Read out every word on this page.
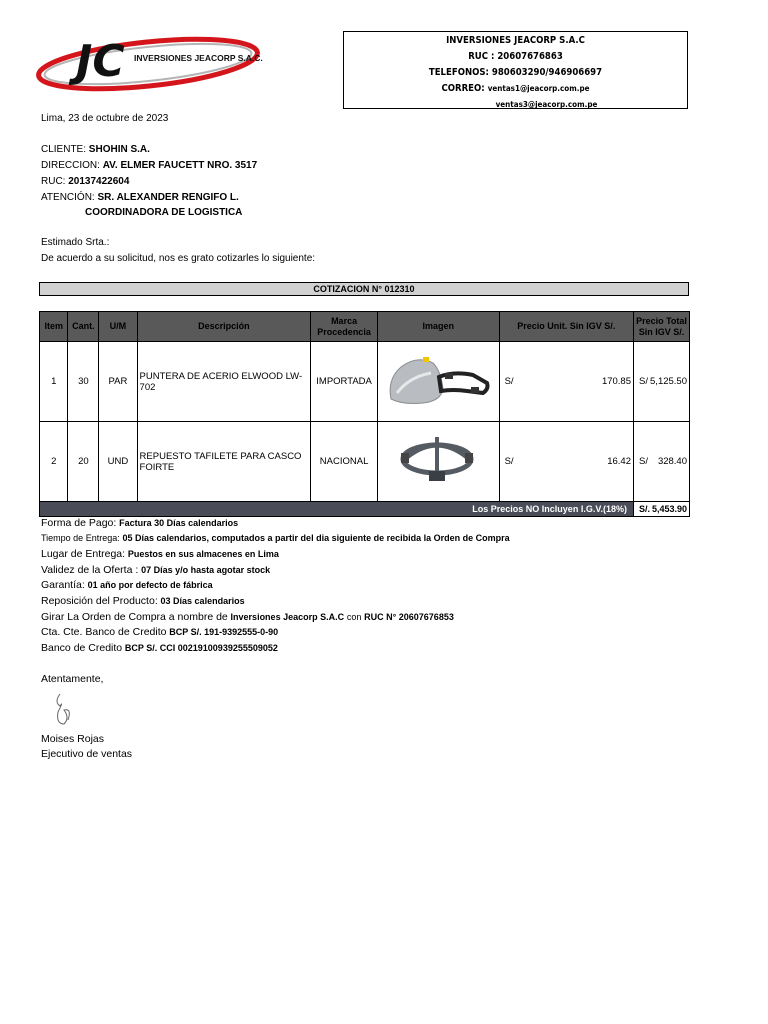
JC INVERSIONES JEACORP S.A.C.
INVERSIONES JEACORP S.A.C
RUC : 20607676863
TELEFONOS: 980603290/946906697
CORREO: ventas1@jeacorp.com.pe
ventas3@jeacorp.com.pe
Lima, 23 de octubre de 2023
CLIENTE: SHOHIN S.A.
DIRECCION: AV. ELMER FAUCETT NRO. 3517
RUC: 20137422604
ATENCIÓN: SR. ALEXANDER RENGIFO L.
COORDINADORA DE LOGISTICA
Estimado Srta.:
De acuerdo a su solicitud, nos es grato cotizarles lo siguiente:
COTIZACION N° 012310
Item	Cant.	U/M	Descripción	Marca Procedencia	Imagen	Precio Unit. Sin IGV S/.		Precio Total Sin IGV S/.	
1	30	PAR	PUNTERA DE ACERIO ELWOOD LW-702	IMPORTADA		S/	170.85	S/	5,125.50
2	20	UND	REPUESTO TAFILETE PARA CASCO FOIRTE	NACIONAL		S/	16.42	S/	328.40
Los Precios NO Incluyen I.G.V.(18%)								S/.	5,453.90
Forma de Pago: Factura 30 Días calendarios
Tiempo de Entrega: 05 Días calendarios, computados a partir del dia siguiente de recibida la Orden de Compra
Lugar de Entrega: Puestos en sus almacenes en Lima
Validez de la Oferta : 07 Días y/o hasta agotar stock
Garantía: 01 año por defecto de fábrica
Reposición del Producto: 03 Días calendarios
Girar La Orden de Compra a nombre de Inversiones Jeacorp S.A.C con RUC N° 20607676853
Cta. Cte. Banco de Credito BCP S/. 191-9392555-0-90
Banco de Credito BCP S/. CCI 00219100939255509052
Atentamente,
Moises Rojas
Ejecutivo de ventas
